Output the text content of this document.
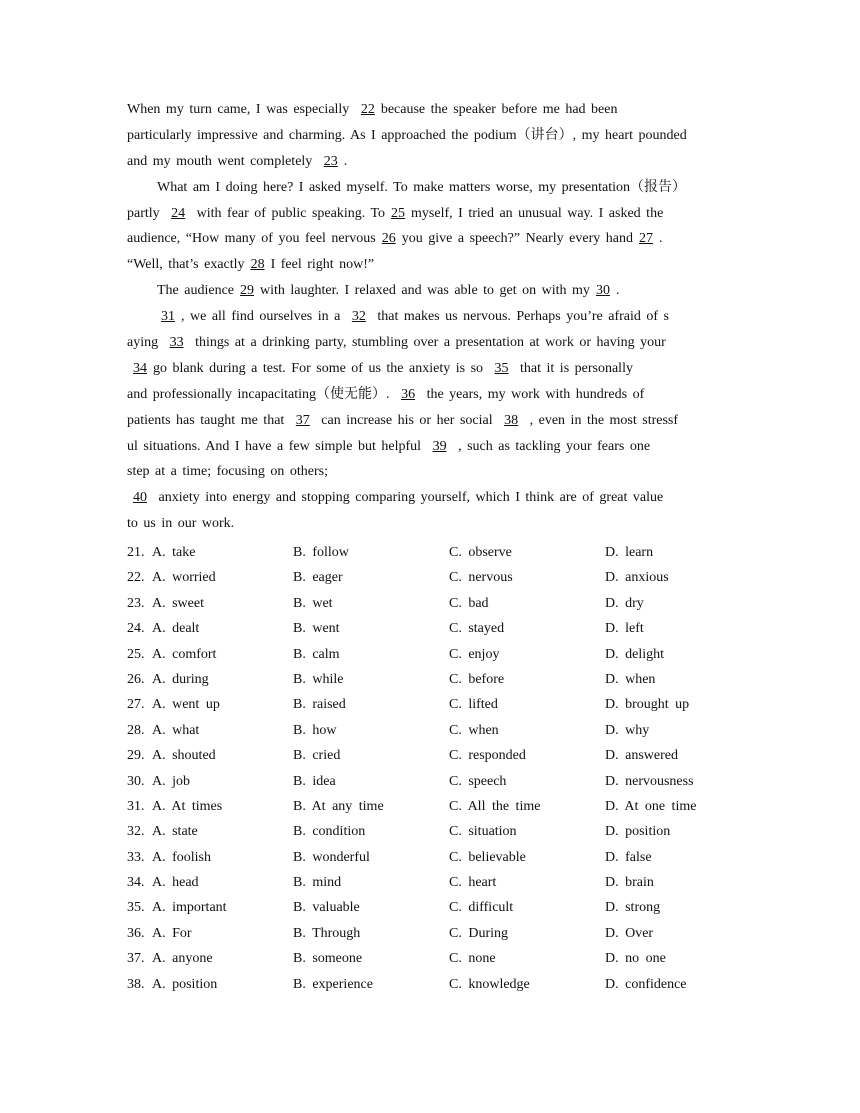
When my turn came, I was especially 22 because the speaker before me had been
particularly impressive and charming. As I approached the podium（讲台）, my heart pounded
and my mouth went completely 23 .
What am I doing here? I asked myself. To make matters worse, my presentation（报告）
partly 24 with fear of public speaking. To 25 myself, I tried an unusual way. I asked the
audience, “How many of you feel nervous 26 you give a speech?” Nearly every hand 27 .
“Well, that’s exactly 28 I feel right now!”
The audience 29 with laughter. I relaxed and was able to get on with my 30 .
31 , we all find ourselves in a 32 that makes us nervous. Perhaps you’re afraid of s
aying 33 things at a drinking party, stumbling over a presentation at work or having your
34 go blank during a test. For some of us the anxiety is so 35 that it is personally
and professionally incapacitating（使无能）. 36 the years, my work with hundreds of
patients has taught me that 37 can increase his or her social 38 , even in the most stressf
ul situations. And I have a few simple but helpful 39 , such as tackling your fears one
step at a time; focusing on others;
40 anxiety into energy and stopping comparing yourself, which I think are of great value
to us in our work.
21. A. take	B. follow	C. observe	D. learn
22. A. worried	B. eager	C. nervous	D. anxious
23. A. sweet	B. wet	C. bad	D. dry
24. A. dealt	B. went	C. stayed	D. left
25. A. comfort	B. calm	C. enjoy	D. delight
26. A. during	B. while	C. before	D. when
27. A. went up	B. raised	C. lifted	D. brought up
28. A. what	B. how	C. when	D. why
29. A. shouted	B. cried	C. responded	D. answered
30. A. job	B. idea	C. speech	D. nervousness
31. A. At times	B. At any time	C. All the time	D. At one time
32. A. state	B. condition	C. situation	D. position
33. A. foolish	B. wonderful	C. believable	D. false
34. A. head	B. mind	C. heart	D. brain
35. A. important	B. valuable	C. difficult	D. strong
36. A. For	B. Through	C. During	D. Over
37. A. anyone	B. someone	C. none	D. no one
38. A. position	B. experience	C. knowledge	D. confidence
